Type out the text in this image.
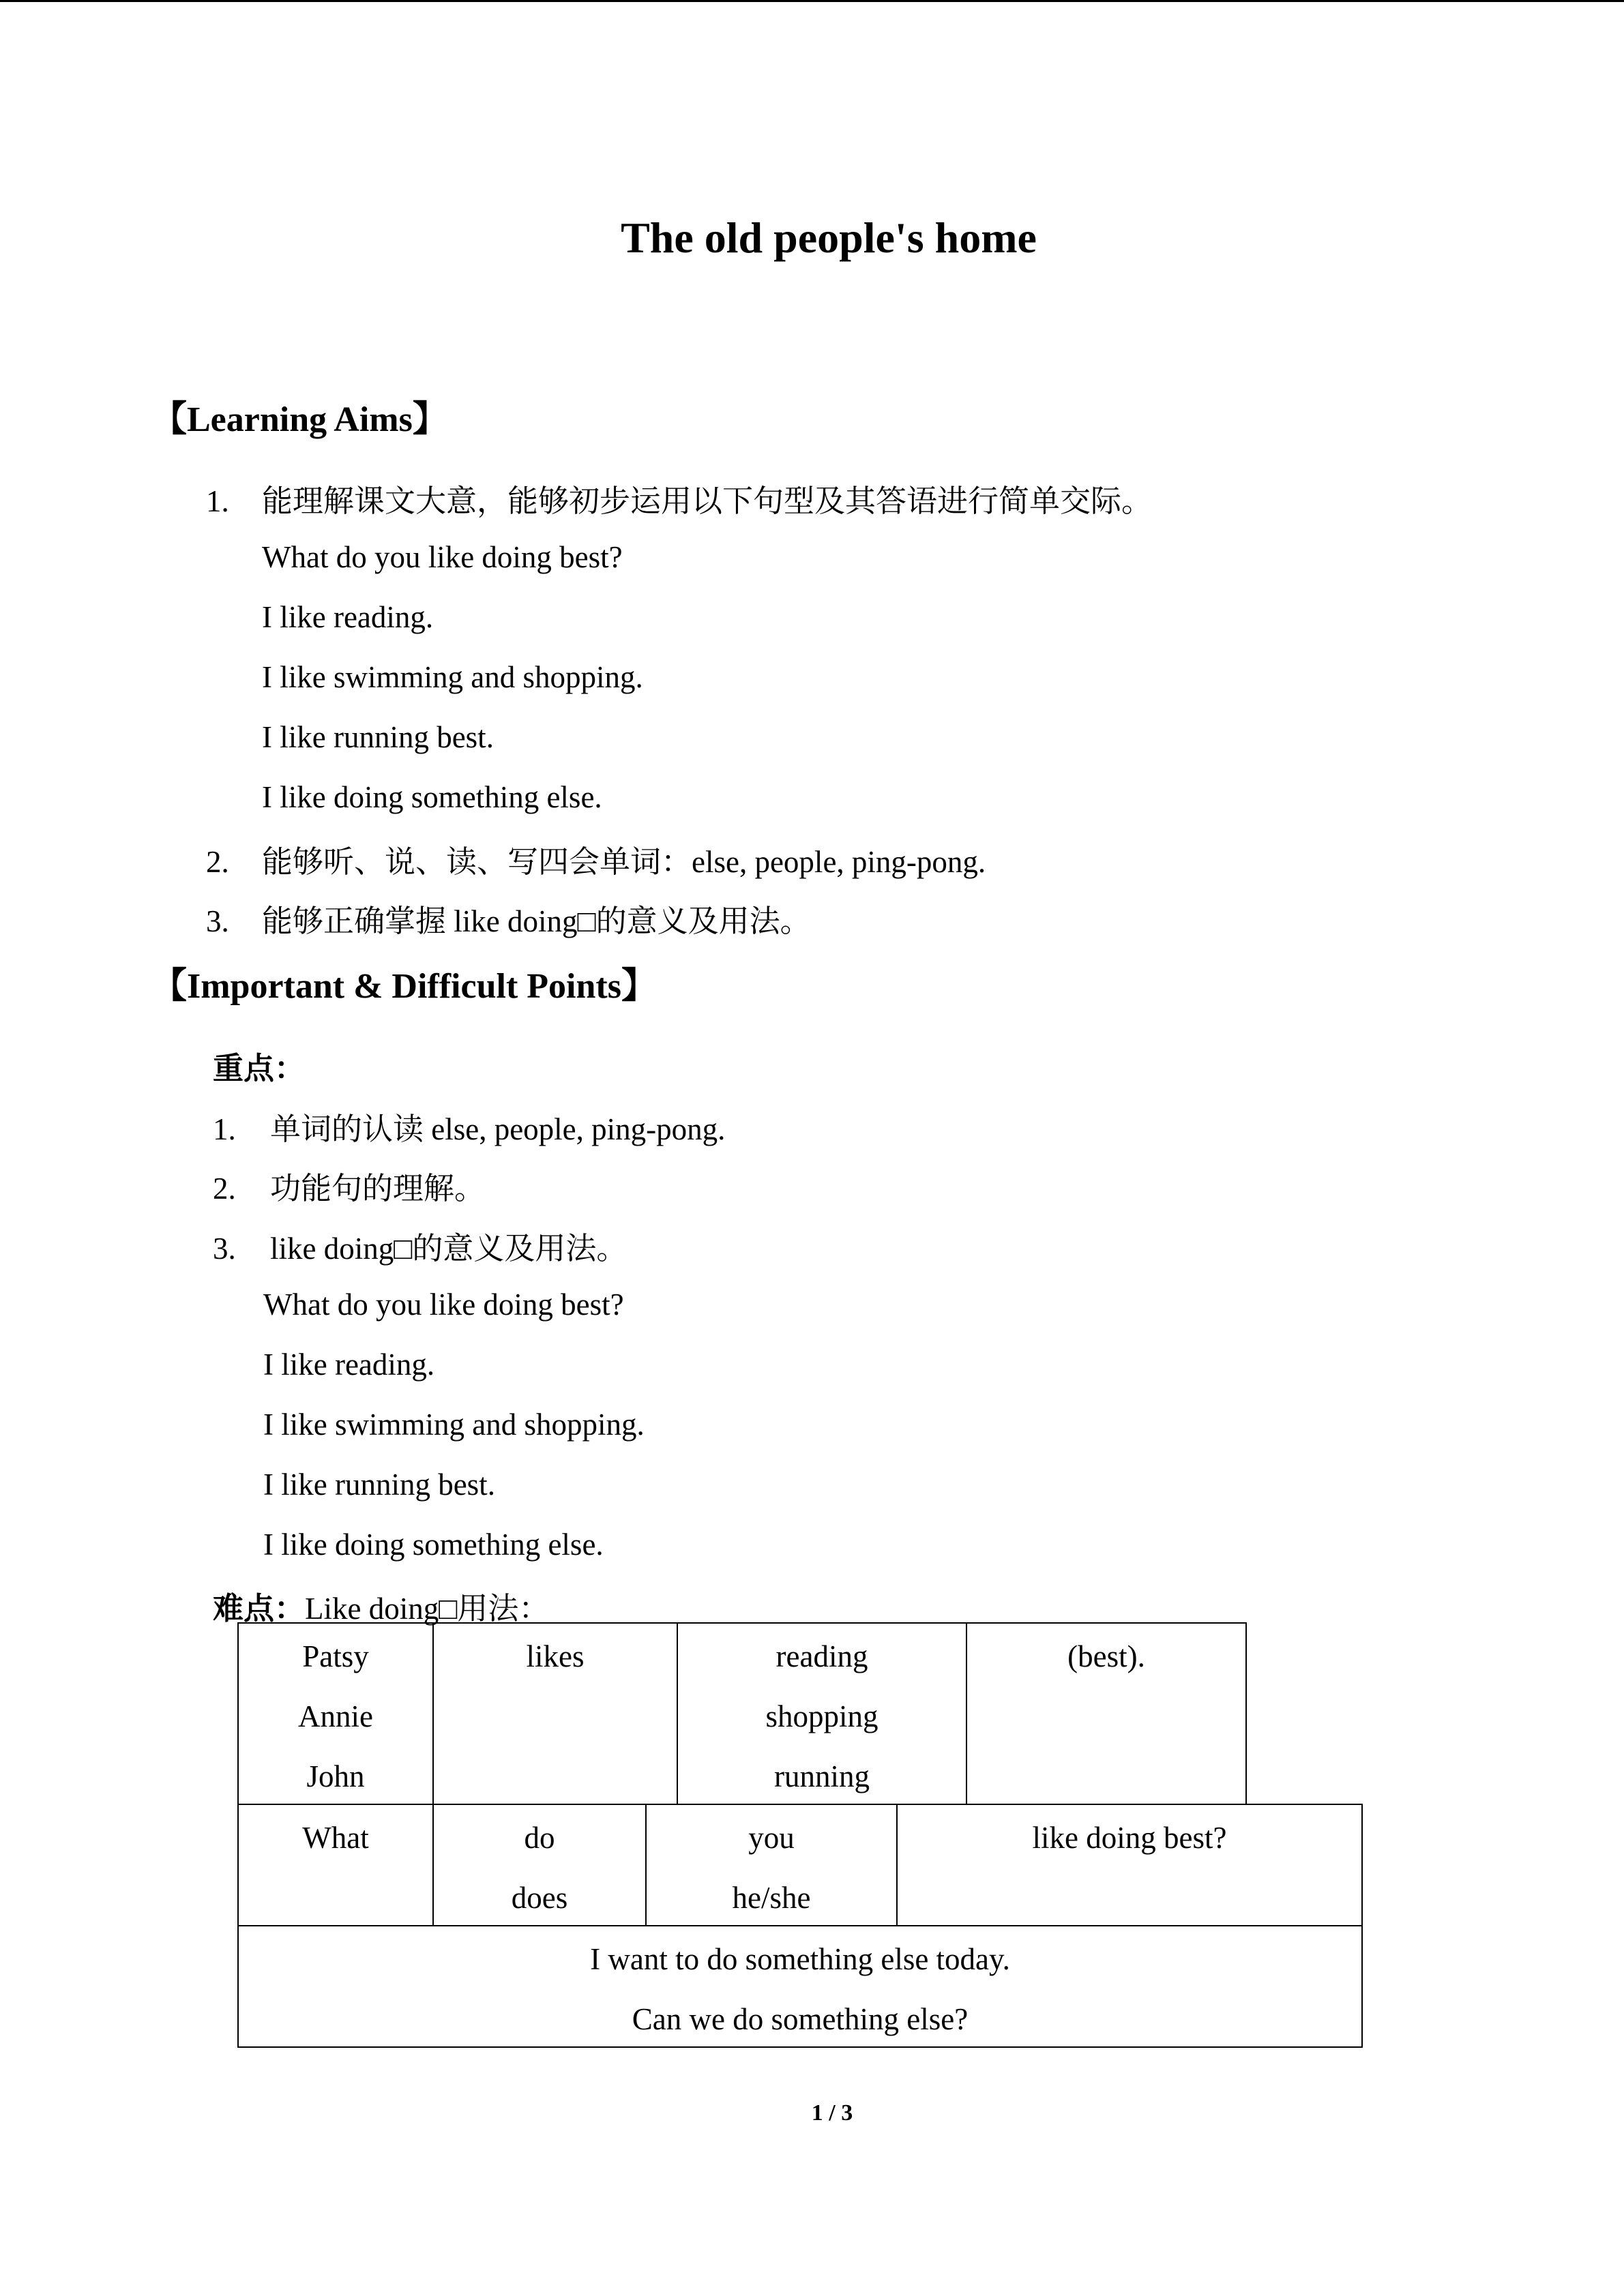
The old people's home
【Learning Aims】
1. 能理解课文大意，能够初步运用以下句型及其答语进行简单交际。
What do you like doing best?
I like reading.
I like swimming and shopping.
I like running best.
I like doing something else.
2. 能够听、说、读、写四会单词：else, people, ping-pong.
3. 能够正确掌握 like doing□的意义及用法。
【Important & Difficult Points】
重点：
1. 单词的认读 else, people, ping-pong.
2. 功能句的理解。
3. like doing□的意义及用法。
What do you like doing best?
I like reading.
I like swimming and shopping.
I like running best.
I like doing something else.
难点：Like doing□用法：
Patsy
Annie
John
likes	reading
shopping
running
(best).
What	do
does
you
he/she
like doing best?
I want to do something else today.
Can we do something else?
1 / 3
